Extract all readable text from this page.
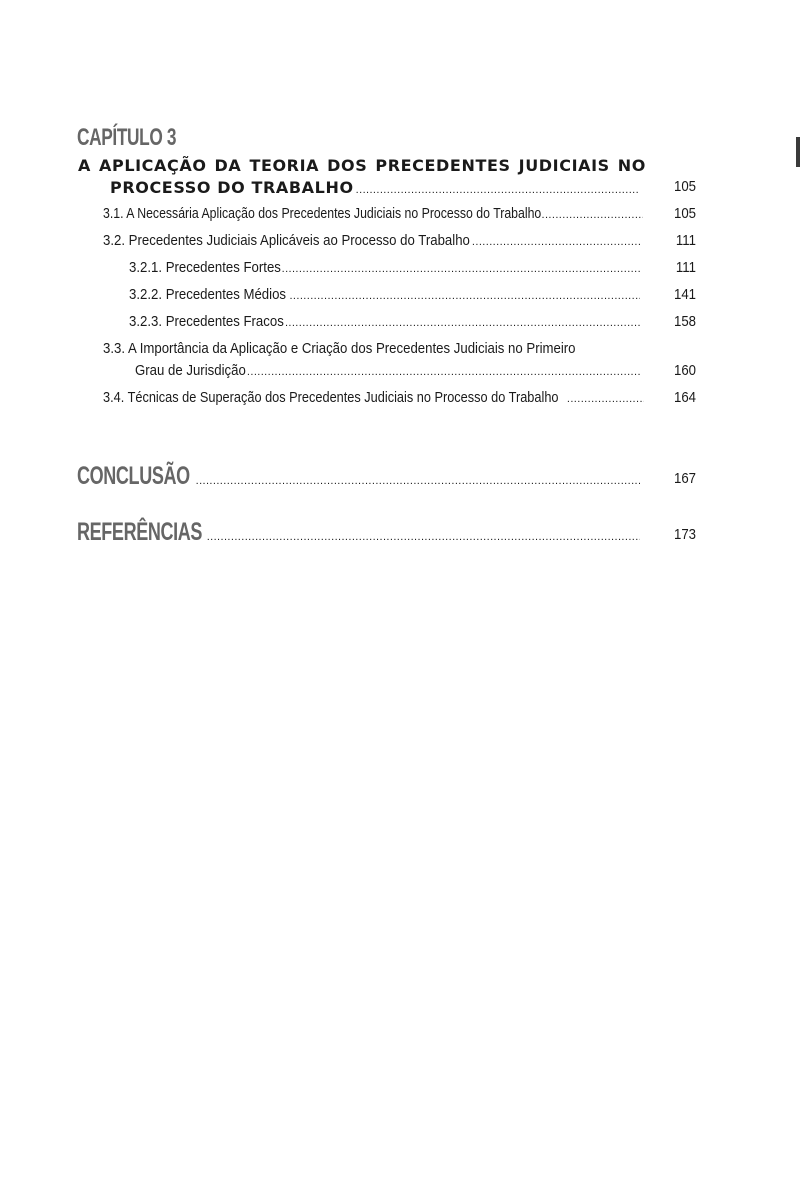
CAPÍTULO 3
A APLICAÇÃO DA TEORIA DOS PRECEDENTES JUDICIAIS NO
PROCESSO DO TRABALHO .....	105
3.1. A Necessária Aplicação dos Precedentes Judiciais no Processo do Trabalho .....	105
3.2. Precedentes Judiciais Aplicáveis ao Processo do Trabalho .....	111
3.2.1. Precedentes Fortes .....	111
3.2.2. Precedentes Médios .....	141
3.2.3. Precedentes Fracos .....	158
3.3. A Importância da Aplicação e Criação dos Precedentes Judiciais no Primeiro
Grau de Jurisdição .....	160
3.4. Técnicas de Superação dos Precedentes Judiciais no Processo do Trabalho .....	164
CONCLUSÃO .....	167
REFERÊNCIAS .....	173
